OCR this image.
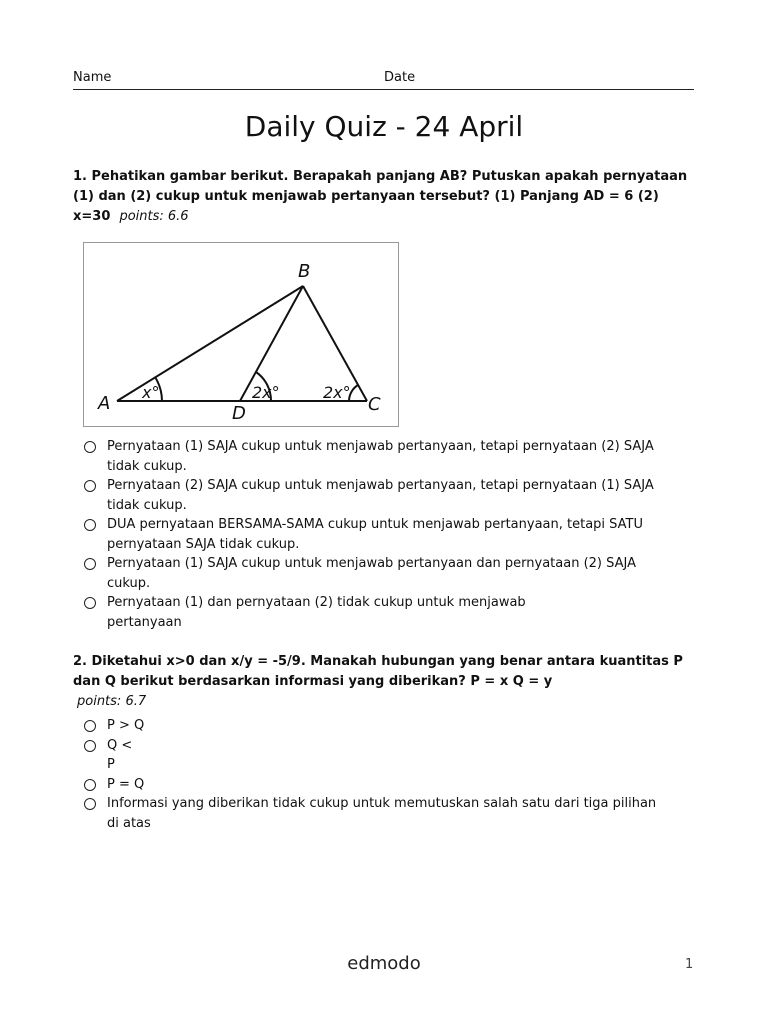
Name	Date
Daily Quiz - 24 April
1. Pehatikan gambar berikut. Berapakah panjang AB? Putuskan apakah pernyataan (1) dan (2) cukup untuk menjawab pertanyaan tersebut? (1) Panjang AD = 6 (2) x=30 points: 6.6
A
B
C
D
x°	2x°	2x°
Pernyataan (1) SAJA cukup untuk menjawab pertanyaan, tetapi pernyataan (2) SAJA tidak cukup.
Pernyataan (2) SAJA cukup untuk menjawab pertanyaan, tetapi pernyataan (1) SAJA tidak cukup.
DUA pernyataan BERSAMA-SAMA cukup untuk menjawab pertanyaan, tetapi SATU pernyataan SAJA tidak cukup.
Pernyataan (1) SAJA cukup untuk menjawab pertanyaan dan pernyataan (2) SAJA cukup.
Pernyataan (1) dan pernyataan (2) tidak cukup untuk menjawab pertanyaan
2. Diketahui x>0 dan x/y = -5/9. Manakah hubungan yang benar antara kuantitas P dan Q berikut berdasarkan informasi yang diberikan? P = x Q = y
points: 6.7
P > Q
Q < P
P = Q
Informasi yang diberikan tidak cukup untuk memutuskan salah satu dari tiga pilihan di atas
edmodo	1
